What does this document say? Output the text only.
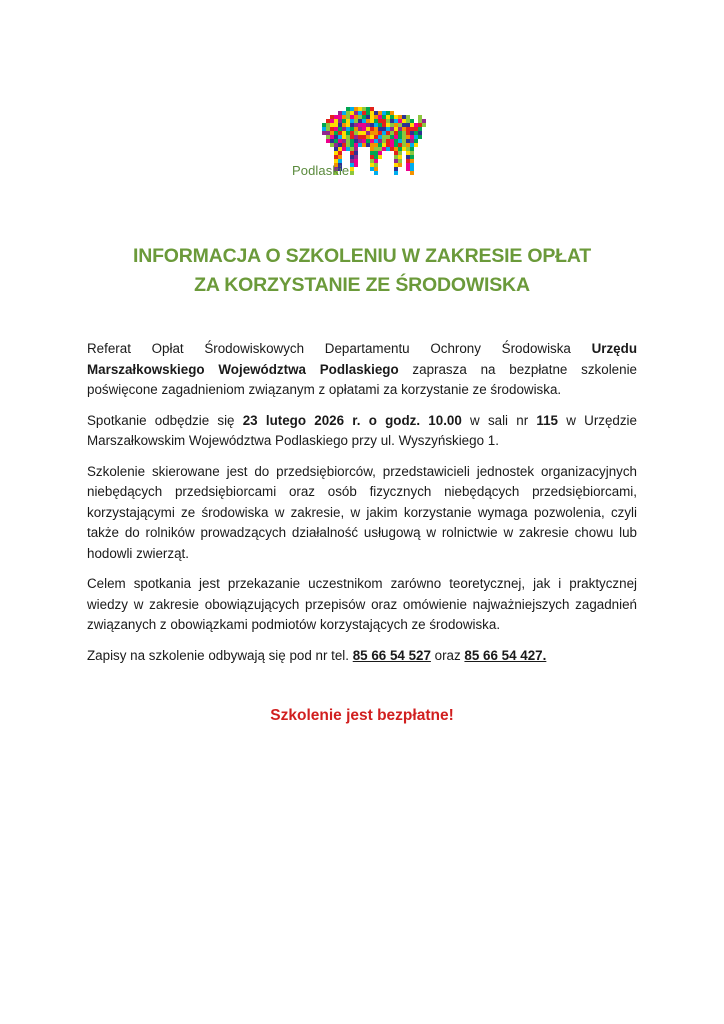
Podlaskie
INFORMACJA O SZKOLENIU W ZAKRESIE OPŁAT
ZA KORZYSTANIE ZE ŚRODOWISKA

Referat Opłat Środowiskowych Departamentu Ochrony Środowiska Urzędu Marszałkowskiego Województwa Podlaskiego zaprasza na bezpłatne szkolenie poświęcone zagadnieniom związanym z opłatami za korzystanie ze środowiska.

Spotkanie odbędzie się 23 lutego 2026 r. o godz. 10.00 w sali nr 115 w Urzędzie Marszałkowskim Województwa Podlaskiego przy ul. Wyszyńskiego 1.

Szkolenie skierowane jest do przedsiębiorców, przedstawicieli jednostek organizacyjnych niebędących przedsiębiorcami oraz osób fizycznych niebędących przedsiębiorcami, korzystającymi ze środowiska w zakresie, w jakim korzystanie wymaga pozwolenia, czyli także do rolników prowadzących działalność usługową w rolnictwie w zakresie chowu lub hodowli zwierząt.

Celem spotkania jest przekazanie uczestnikom zarówno teoretycznej, jak i praktycznej wiedzy w zakresie obowiązujących przepisów oraz omówienie najważniejszych zagadnień związanych z obowiązkami podmiotów korzystających ze środowiska.

Zapisy na szkolenie odbywają się pod nr tel. 85 66 54 527 oraz 85 66 54 427.

Szkolenie jest bezpłatne!
